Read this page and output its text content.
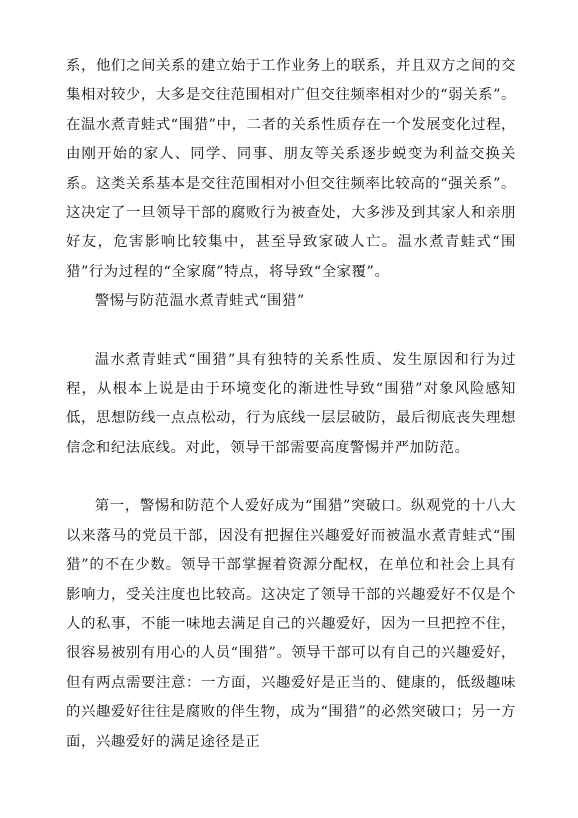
系，他们之间关系的建立始于工作业务上的联系，并且双方之间的交集相对较少，大多是交往范围相对广但交往频率相对少的“弱关系”。在温水煮青蛙式“围猎”中，二者的关系性质存在一个发展变化过程，由刚开始的家人、同学、同事、朋友等关系逐步蜕变为利益交换关系。这类关系基本是交往范围相对小但交往频率比较高的“强关系”。这决定了一旦领导干部的腐败行为被查处，大多涉及到其家人和亲朋好友，危害影响比较集中，甚至导致家破人亡。温水煮青蛙式“围猎”行为过程的“全家腐”特点，将导致“全家覆”。

警惕与防范温水煮青蛙式“围猎”

温水煮青蛙式“围猎”具有独特的关系性质、发生原因和行为过程，从根本上说是由于环境变化的渐进性导致“围猎”对象风险感知低，思想防线一点点松动，行为底线一层层破防，最后彻底丧失理想信念和纪法底线。对此，领导干部需要高度警惕并严加防范。

第一，警惕和防范个人爱好成为“围猎”突破口。纵观党的十八大以来落马的党员干部，因没有把握住兴趣爱好而被温水煮青蛙式“围猎”的不在少数。领导干部掌握着资源分配权，在单位和社会上具有影响力，受关注度也比较高。这决定了领导干部的兴趣爱好不仅是个人的私事，不能一味地去满足自己的兴趣爱好，因为一旦把控不住，很容易被别有用心的人员“围猎”。领导干部可以有自己的兴趣爱好，但有两点需要注意：一方面，兴趣爱好是正当的、健康的，低级趣味的兴趣爱好往往是腐败的伴生物，成为“围猎”的必然突破口；另一方面，兴趣爱好的满足途径是正
